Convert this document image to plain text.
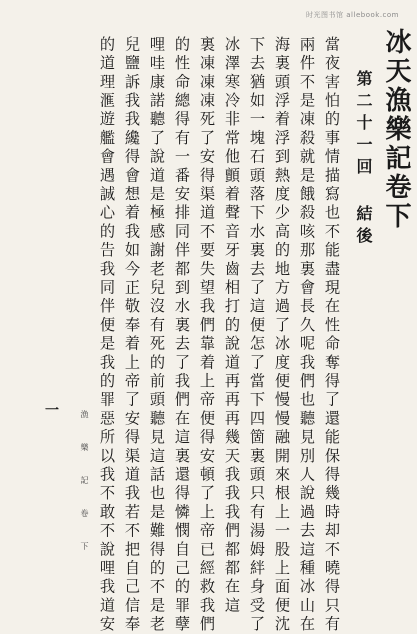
时光图书馆 allebook.com
冰天漁樂記卷下
第二十一回 結後
當夜害怕的事情描寫也不能盡現在性命奪得了還能保得幾時却不曉得只有
兩件不是凍殺就是餓殺咳那裏會長久呢我們也聽見別人說過去這種冰山在
海裏頭浮着浮到熱度少高的地方過了冰度便慢慢融開來根上一股上面便沈
下去猶如一塊石頭落下水裏去了這便怎了當下四箇裏頭只有湯姆絆身受了
冰澤寒冷非常他顫着聲音牙齒相打的說道再再再幾天我我我們都都在這
裏凍凍凍死了安得渠道不要失望我們靠着上帝便得安頓了上帝已經救我們
的性命總得有一番安排同伴都到水裏去了我們在這裏還得憐憫自己的罪孽
哩哇康諾聽了說道是極感謝老兒沒有死的前頭聽見這話也是難得的不是老
兒鹽訴我我纔得會想着我如今正敬奉着上帝了安得渠道我若不把自己信奉
的道理滙遊艦會遇誠心的告我同伴便是我的罪惡所以我不敢不說哩我道安
漁 樂 記 卷 下
一
